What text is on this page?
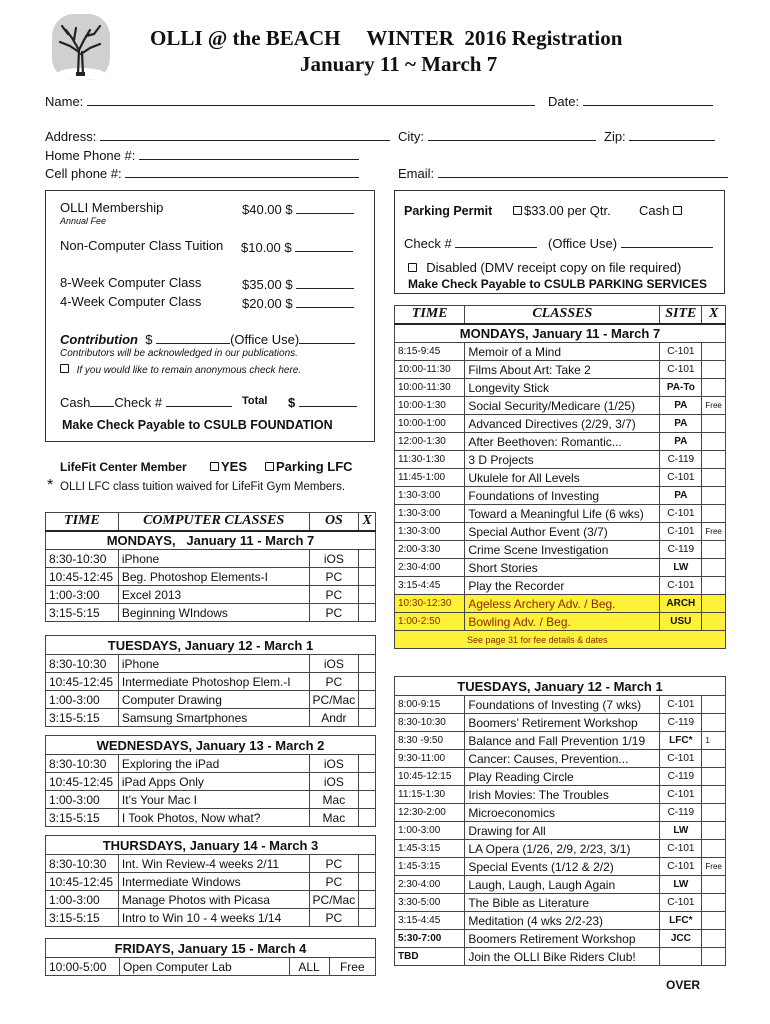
OLLI @ the BEACH     WINTER  2016 Registration
January 11 ~ March 7
Name:	Date:
Address:	City:	Zip:
Home Phone #:
Cell phone #:	Email:
OLLI Membership	$40.00 $
Annual Fee
Non-Computer Class Tuition $10.00 $
8-Week Computer Class	$35.00 $
4-Week Computer Class	$20.00 $
Contribution $	(Office Use)
Contributors will be acknowledged in our publications.
If you would like to remain anonymous check here.
Cash Check #	Total $
Make Check Payable to CSULB FOUNDATION
LifeFit Center Member	YES	Parking LFC
* OLLI LFC class tuition waived for LifeFit Gym Members.
Parking Permit	$33.00 per Qtr. Cash
Check #	(Office Use)
Disabled (DMV receipt copy on file required)
Make Check Payable to CSULB PARKING SERVICES
TIME	COMPUTER CLASSES	OS	X
MONDAYS,   January 11 - March 7			
8:30-10:30	iPhone	iOS	
10:45-12:45	Beg. Photoshop Elements-I	PC	
1:00-3:00	Excel 2013	PC	
3:15-5:15	Beginning WIndows	PC	

TUESDAYS, January 12 - March 1			
8:30-10:30	iPhone	iOS	
10:45-12:45	Intermediate Photoshop Elem.-I	PC	
1:00-3:00	Computer Drawing	PC/Mac	
3:15-5:15	Samsung Smartphones	Andr	

WEDNESDAYS, January 13 - March 2			
8:30-10:30	Exploring the iPad	iOS	
10:45-12:45	iPad Apps Only	iOS	
1:00-3:00	It’s Your Mac I	Mac	
3:15-5:15	I Took Photos, Now what?	Mac	

THURSDAYS, January 14 - March 3			
8:30-10:30	Int. Win Review-4 weeks 2/11	PC	
10:45-12:45	Intermediate Windows	PC	
1:00-3:00	Manage Photos with Picasa	PC/Mac	
3:15-5:15	Intro to Win 10 - 4 weeks 1/14	PC	
FRIDAYS, January 15 - March 4
10:00-5:00	Open Computer Lab	ALL	Free
TIME	CLASSES	SITE	X
MONDAYS, January 11 - March 7			
8:15-9:45	Memoir of a Mind	C-101	
10:00-11:30	Films About Art: Take 2	C-101	
10:00-11:30	Longevity Stick	PA-To	
10:00-1:30	Social Security/Medicare (1/25)	PA	Free
10:00-1:00	Advanced Directives (2/29, 3/7)	PA	
12:00-1:30	After Beethoven: Romantic...	PA	
11:30-1:30	3 D Projects	C-119	
11:45-1:00	Ukulele for All Levels	C-101	
1:30-3:00	Foundations of Investing	PA	
1:30-3:00	Toward a Meaningful Life (6 wks)	C-101	
1:30-3:00	Special Author Event (3/7)	C-101	Free
2:00-3:30	Crime Scene Investigation	C-119	
2:30-4:00	Short Stories	LW	
3:15-4:45	Play the Recorder	C-101	
10:30-12:30	Ageless Archery Adv. / Beg.	ARCH	
1:00-2:50	Bowling Adv. / Beg.	USU	
See page 31 for fee details & dates			

TUESDAYS, January 12 - March 1			
8:00-9:15	Foundations of Investing (7 wks)	C-101	
8:30-10:30	Boomers’ Retirement Workshop	C-119	
8:30 -9:50	Balance and Fall Prevention 1/19	LFC*	1
9:30-11:00	Cancer: Causes, Prevention...	C-101	
10:45-12:15	Play Reading Circle	C-119	
11:15-1:30	Irish Movies: The Troubles	C-101	
12:30-2:00	Microeconomics	C-119	
1:00-3:00	Drawing for All	LW	
1:45-3:15	LA Opera (1/26, 2/9, 2/23, 3/1)	C-101	
1:45-3:15	Special Events (1/12 & 2/2)	C-101	Free
2:30-4:00	Laugh, Laugh, Laugh Again	LW	
3:30-5:00	The Bible as Literature	C-101	
3:15-4:45	Meditation (4 wks 2/2-23)	LFC*	
5:30-7:00	Boomers Retirement Workshop	JCC	
TBD	Join the OLLI Bike Riders Club!		
OVER
